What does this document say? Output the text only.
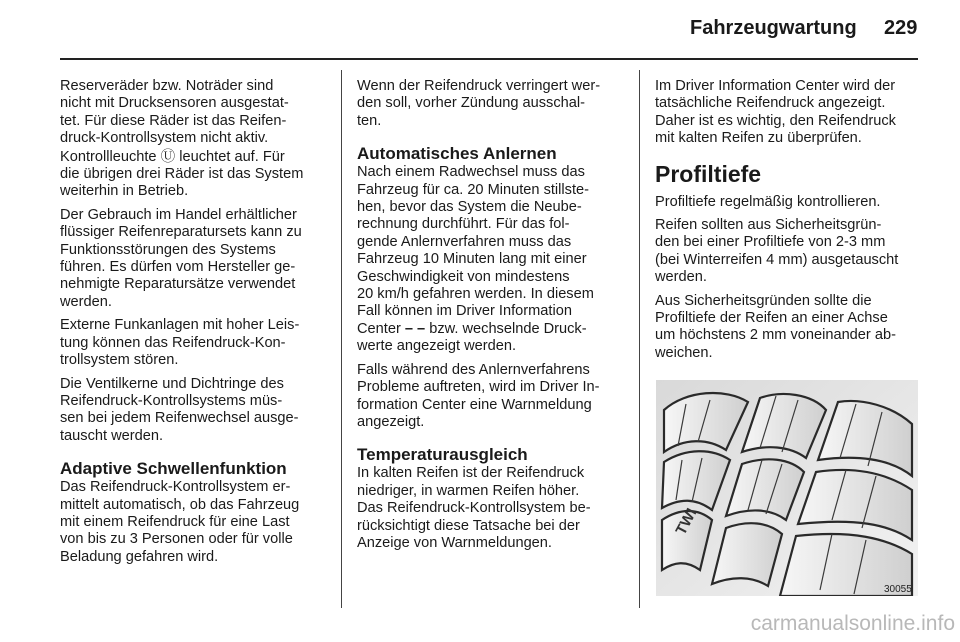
Fahrzeugwartung 229

Reserveräder bzw. Noträder sind
nicht mit Drucksensoren ausgestat-
tet. Für diese Räder ist das Reifen-
druck-Kontrollsystem nicht aktiv.
Kontrollleuchte Ⓤ leuchtet auf. Für
die übrigen drei Räder ist das System
weiterhin in Betrieb.

Der Gebrauch im Handel erhältlicher
flüssiger Reifenreparatursets kann zu
Funktionsstörungen des Systems
führen. Es dürfen vom Hersteller ge-
nehmigte Reparatursätze verwendet
werden.

Externe Funkanlagen mit hoher Leis-
tung können das Reifendruck-Kon-
trollsystem stören.

Die Ventilkerne und Dichtringe des
Reifendruck-Kontrollsystems müs-
sen bei jedem Reifenwechsel ausge-
tauscht werden.

Adaptive Schwellenfunktion

Das Reifendruck-Kontrollsystem er-
mittelt automatisch, ob das Fahrzeug
mit einem Reifendruck für eine Last
von bis zu 3 Personen oder für volle
Beladung gefahren wird.

Wenn der Reifendruck verringert wer-
den soll, vorher Zündung ausschal-
ten.

Automatisches Anlernen

Nach einem Radwechsel muss das
Fahrzeug für ca. 20 Minuten stillste-
hen, bevor das System die Neube-
rechnung durchführt. Für das fol-
gende Anlernverfahren muss das
Fahrzeug 10 Minuten lang mit einer
Geschwindigkeit von mindestens
20 km/h gefahren werden. In diesem
Fall können im Driver Information
Center – – bzw. wechselnde Druck-
werte angezeigt werden.

Falls während des Anlernverfahrens
Probleme auftreten, wird im Driver In-
formation Center eine Warnmeldung
angezeigt.

Temperaturausgleich

In kalten Reifen ist der Reifendruck
niedriger, in warmen Reifen höher.
Das Reifendruck-Kontrollsystem be-
rücksichtigt diese Tatsache bei der
Anzeige von Warnmeldungen.

Im Driver Information Center wird der
tatsächliche Reifendruck angezeigt.
Daher ist es wichtig, den Reifendruck
mit kalten Reifen zu überprüfen.

Profiltiefe

Profiltiefe regelmäßig kontrollieren.

Reifen sollten aus Sicherheitsgrün-
den bei einer Profiltiefe von 2-3 mm
(bei Winterreifen 4 mm) ausgetauscht
werden.

Aus Sicherheitsgründen sollte die
Profiltiefe der Reifen an einer Achse
um höchstens 2 mm voneinander ab-
weichen.

TWI
30055
carmanualsonline.info
